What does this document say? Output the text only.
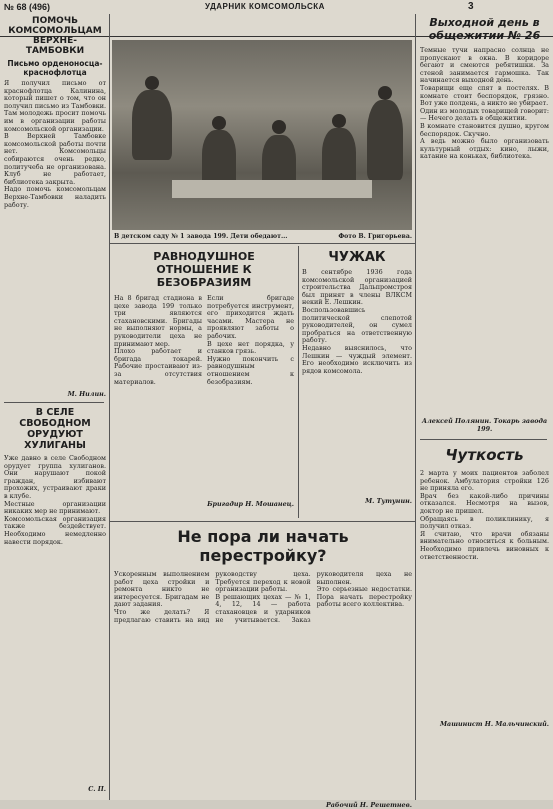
№ 68 (496)	УДАРНИК КОМСОМОЛЬСКА	3
ПОМОЧЬ КОМСОМОЛЬЦАМ ВЕРХНЕ-ТАМБОВКИ
Письмо орденоносца-краснофлотца
Я получил письмо от краснофлотца Калинина, который пишет о том, что он получил письмо из Тамбовки. Там молодежь просит помочь им в организации работы комсомольской организации.
В Верхней Тамбовке комсомольской работы почти нет. Комсомольцы собираются очень редко, политучеба не организована. Клуб не работает, библиотека закрыта.
Надо помочь комсомольцам Верхне-Тамбовки наладить работу.
М. Нилин.
В СЕЛЕ СВОБОДНОМ ОРУДУЮТ ХУЛИГАНЫ
Уже давно в селе Свободном орудует группа хулиганов. Они нарушают покой граждан, избивают прохожих, устраивают драки в клубе.
Местные организации никаких мер не принимают.
Комсомольская организация также бездействует. Необходимо немедленно навести порядок.
С. П.
В детском саду № 1 завода 199. Дети обедают...	Фото В. Григорьева.
РАВНОДУШНОЕ ОТНОШЕНИЕ К БЕЗОБРАЗИЯМ
На 8 бригад стадиона в цехе завода 199 только три являются стахановскими. Бригады не выполняют нормы, а руководители цеха не принимают мер.
Плохо работает и бригада токарей. Рабочие простаивают из-за отсутствия материалов.
Если бригаде потребуется инструмент, его приходится ждать часами. Мастера не проявляют заботы о рабочих.
В цехе нет порядка, у станков грязь.
Нужно покончить с равнодушным отношением к безобразиям.
Бригадир Н. Мошанец.
ЧУЖАК
В сентябре 1936 года комсомольской организацией строительства Дальпромстроя был принят в члены ВЛКСМ некий Е. Лешкин.
Воспользовавшись политической слепотой руководителей, он сумел пробраться на ответственную работу.
Недавно выяснилось, что Лешкин — чуждый элемент. Его необходимо исключить из рядов комсомола.
М. Тутунин.
Не пора ли начать перестройку?
Ускоренным выполнением работ цеха стройки и ремонта никто не интересуется. Бригадам не дают задания.
Что же делать? Я предлагаю ставить на вид руководству цеха. Требуется переход к новой организации работы.
В решающих цехах — № 1, 4, 12, 14 — работа стахановцев и ударников не учитывается. Заказ руководителя цеха не выполнен.
Это серьезные недостатки. Пора начать перестройку работы всего коллектива.
Рабочий Н. Решетнев.
Выходной день в общежитии № 26
Темные тучи напрасно солнца не пропускают в окна. В коридоре бегают и смеются ребятишки. За стеной занимается гармошка. Так начинается выходной день.
Товарищи еще спят в постелях. В комнате стоит беспорядок, грязно. Вот уже полдень, а никто не убирает.
Один из молодых товарищей говорит: — Нечего делать в общежитии.
В комнате становится душно, кругом беспорядок. Скучно.
А ведь можно было организовать культурный отдых: кино, лыжи, катание на коньках, библиотека.
Алексей Полянин. Токарь завода 199.
Чуткость
2 марта у моих пациентов заболел ребенок. Амбулатория стройки 126 не приняла его.
Врач без какой-либо причины отказался. Несмотря на вызов, доктор не пришел.
Обращаясь в поликлинику, я получил отказ.
Я считаю, что врачи обязаны внимательно относиться к больным. Необходимо привлечь виновных к ответственности.
Машинист Н. Мальчинский.
